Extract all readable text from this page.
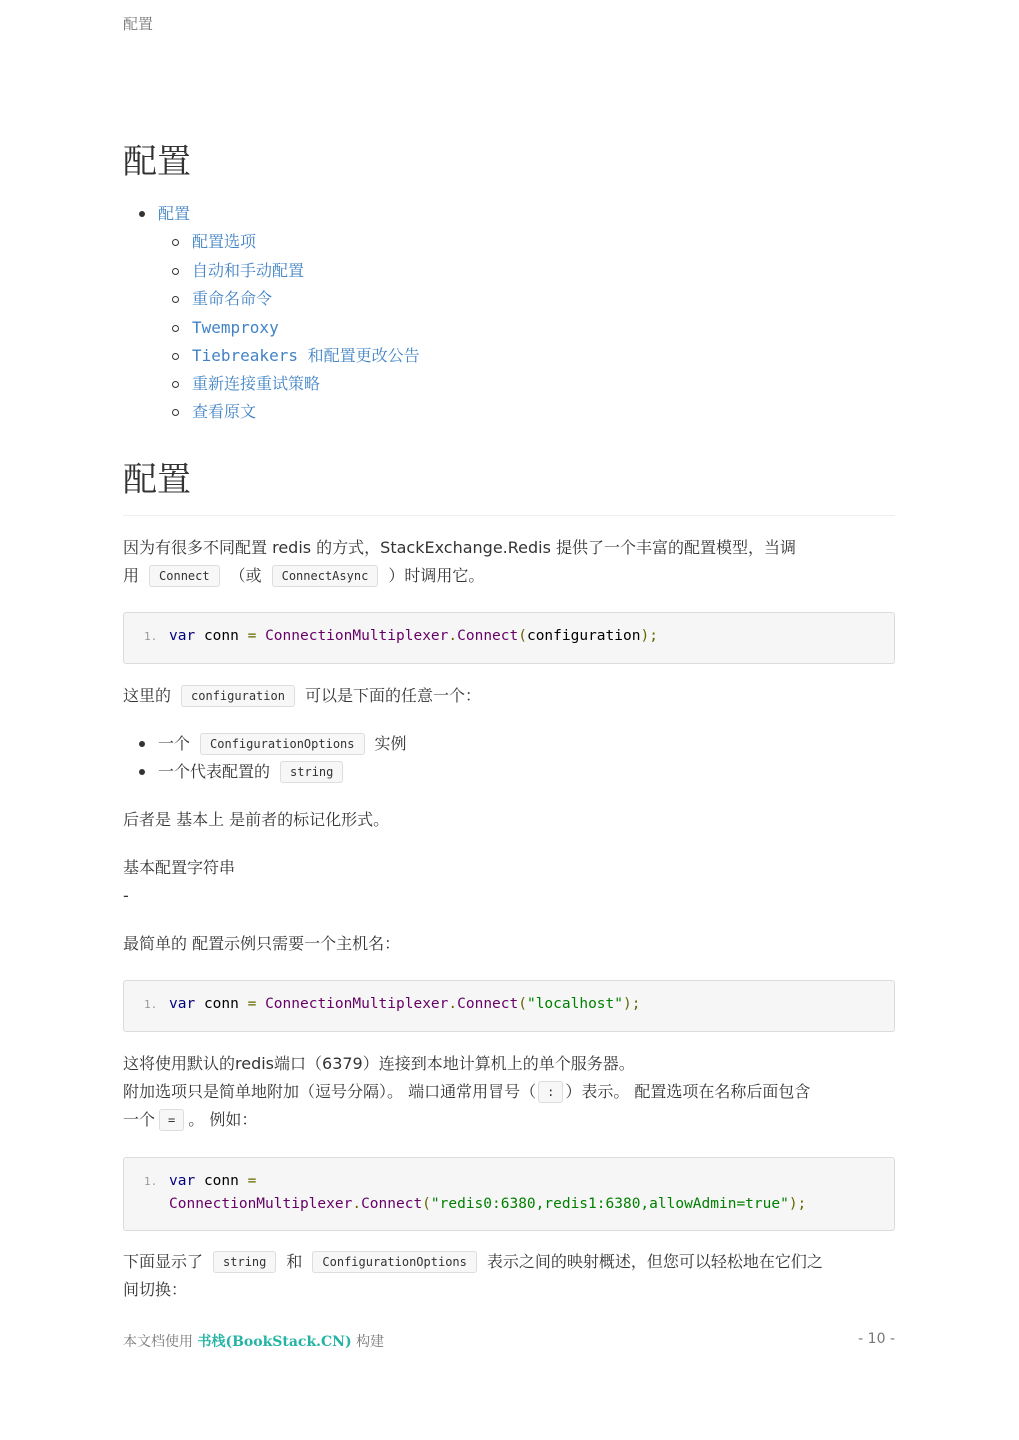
配置
配置
配置
配置选项
自动和手动配置
重命名命令
Twemproxy
Tiebreakers 和配置更改公告
重新连接重试策略
查看原文
配置
因为有很多不同配置 redis 的方式，StackExchange.Redis 提供了一个丰富的配置模型，当调
用 Connect （或 ConnectAsync ）时调用它。
1. var conn = ConnectionMultiplexer.Connect(configuration);
这里的 configuration 可以是下面的任意一个：
一个 ConfigurationOptions 实例
一个代表配置的 string
后者是 基本上 是前者的标记化形式。
基本配置字符串
-
最简单的 配置示例只需要一个主机名：
1. var conn = ConnectionMultiplexer.Connect("localhost");
这将使用默认的redis端口（6379）连接到本地计算机上的单个服务器。
附加选项只是简单地附加（逗号分隔）。 端口通常用冒号（ : ）表示。 配置选项在名称后面包含
一个 = 。 例如：
1. var conn =
ConnectionMultiplexer.Connect("redis0:6380,redis1:6380,allowAdmin=true");
下面显示了 string 和 ConfigurationOptions 表示之间的映射概述，但您可以轻松地在它们之
间切换：
本文档使用 书栈(BookStack.CN) 构建	- 10 -
